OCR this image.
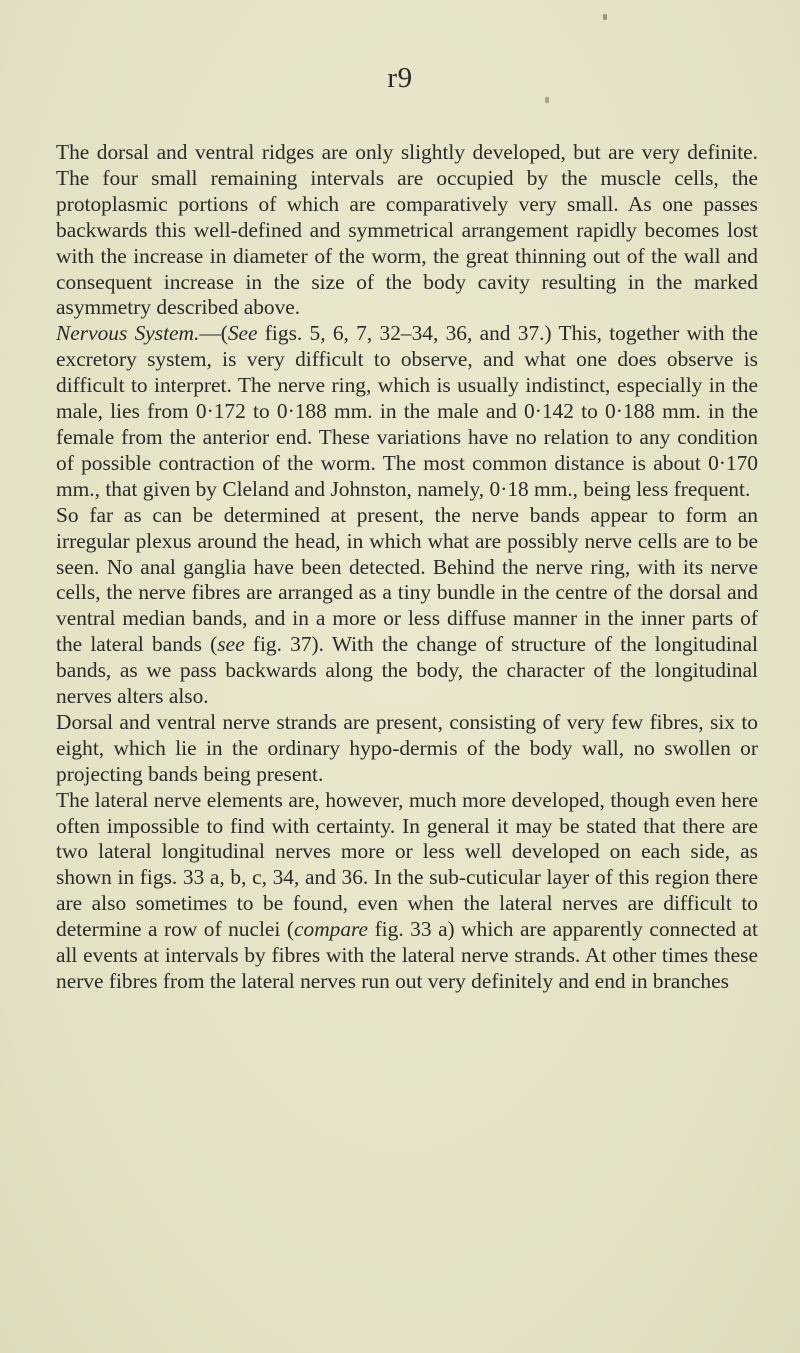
r9

The dorsal and ventral ridges are only slightly developed, but are very definite. The four small remaining intervals are occupied by the muscle cells, the protoplasmic portions of which are comparatively very small. As one passes backwards this well-defined and symmetrical arrangement rapidly becomes lost with the increase in diameter of the worm, the great thinning out of the wall and consequent increase in the size of the body cavity resulting in the marked asymmetry described above.

Nervous System.—(See figs. 5, 6, 7, 32–34, 36, and 37.) This, together with the excretory system, is very difficult to observe, and what one does observe is difficult to interpret. The nerve ring, which is usually indistinct, especially in the male, lies from 0·172 to 0·188 mm. in the male and 0·142 to 0·188 mm. in the female from the anterior end. These variations have no relation to any condition of possible contraction of the worm. The most common distance is about 0·170 mm., that given by Cleland and Johnston, namely, 0·18 mm., being less frequent.

So far as can be determined at present, the nerve bands appear to form an irregular plexus around the head, in which what are possibly nerve cells are to be seen. No anal ganglia have been detected. Behind the nerve ring, with its nerve cells, the nerve fibres are arranged as a tiny bundle in the centre of the dorsal and ventral median bands, and in a more or less diffuse manner in the inner parts of the lateral bands (see fig. 37). With the change of structure of the longitudinal bands, as we pass backwards along the body, the character of the longitudinal nerves alters also.

Dorsal and ventral nerve strands are present, consisting of very few fibres, six to eight, which lie in the ordinary hypo-dermis of the body wall, no swollen or projecting bands being present.

The lateral nerve elements are, however, much more developed, though even here often impossible to find with certainty. In general it may be stated that there are two lateral longitudinal nerves more or less well developed on each side, as shown in figs. 33 a, b, c, 34, and 36. In the sub-cuticular layer of this region there are also sometimes to be found, even when the lateral nerves are difficult to determine a row of nuclei (compare fig. 33 a) which are apparently connected at all events at intervals by fibres with the lateral nerve strands. At other times these nerve fibres from the lateral nerves run out very definitely and end in branches
